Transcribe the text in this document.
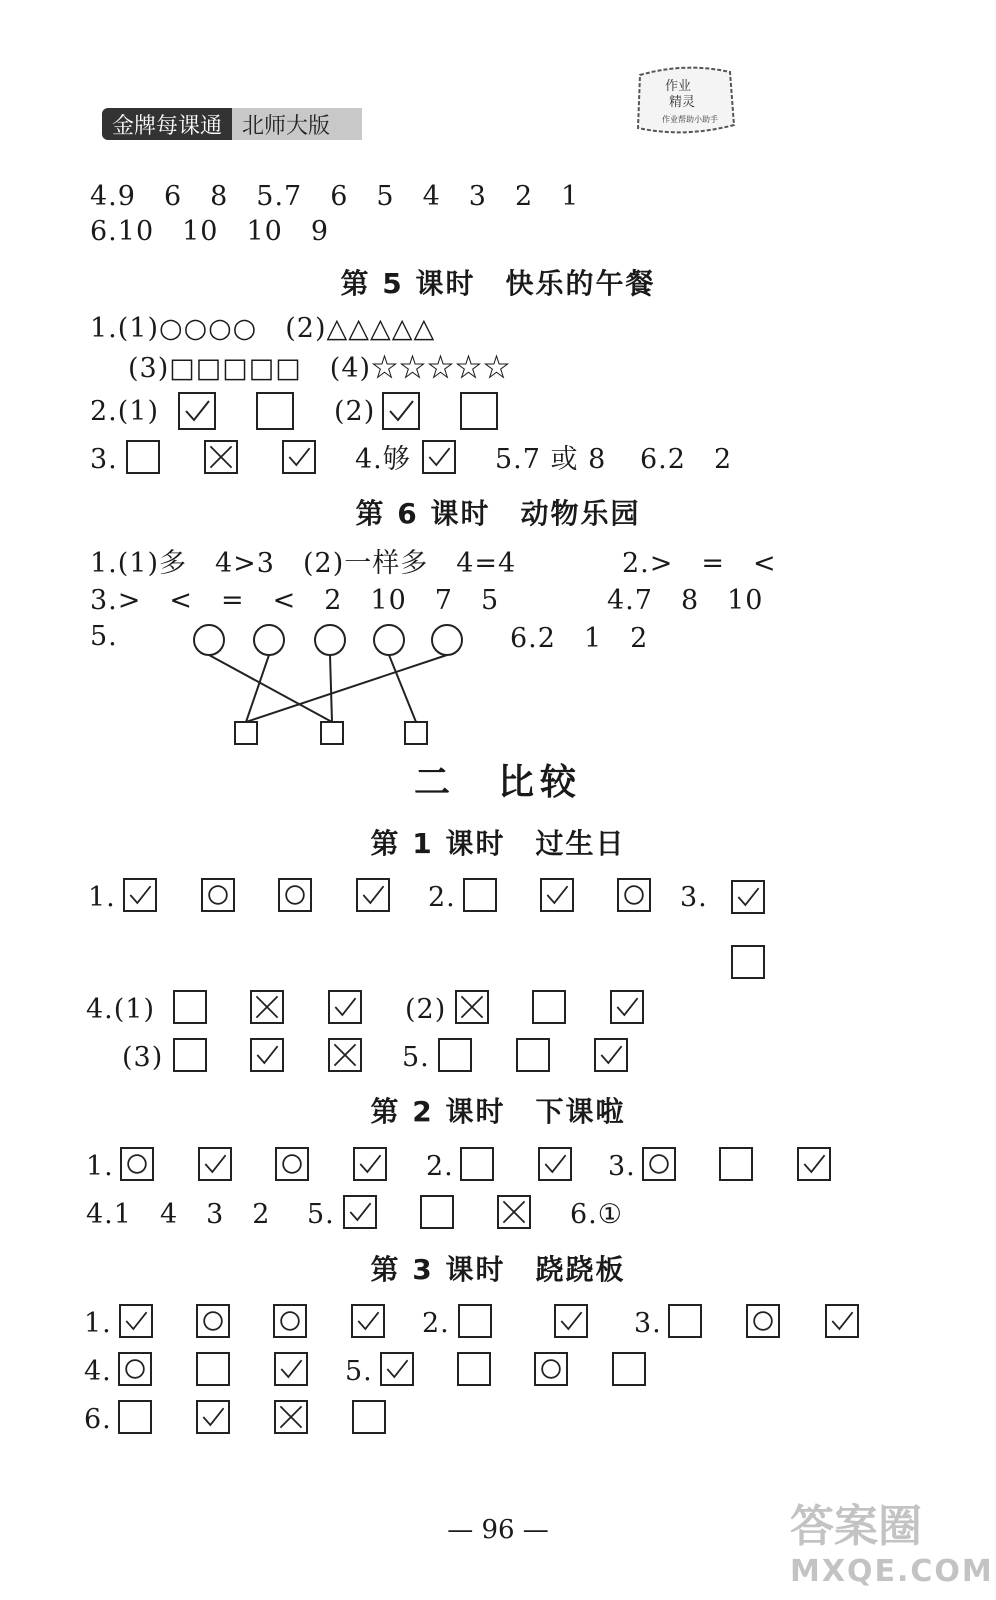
金牌每课通 北师大版
作业
精灵
作业帮助小助手
4.9　6　8　5.7　6　5　4　3　2　1
6.10　10　10　9
第 5 课时　快乐的午餐
1.(1)○○○○　(2)△△△△△
(3)□□□□□　(4)☆☆☆☆☆
2.(1)	(2)
3.	4.够	5.7 或 8 6.2　2
第 6 课时　动物乐园
1.(1)多　4>3　(2)一样多　4=4	2.>　=　<
3.>　<　=　<　2　10　7　5	4.7　8　10
5.	6.2　1　2
二　比较
第 1 课时　过生日
1.	2.	3.
4.(1)	(2)
(3)	5.
第 2 课时　下课啦
1.	2.	3.
4.1　4　3　2 5.	6.①
第 3 课时　跷跷板
1.	2.	3.
4.	5.
6.
— 96 —	答案圈
MXQE.COM
